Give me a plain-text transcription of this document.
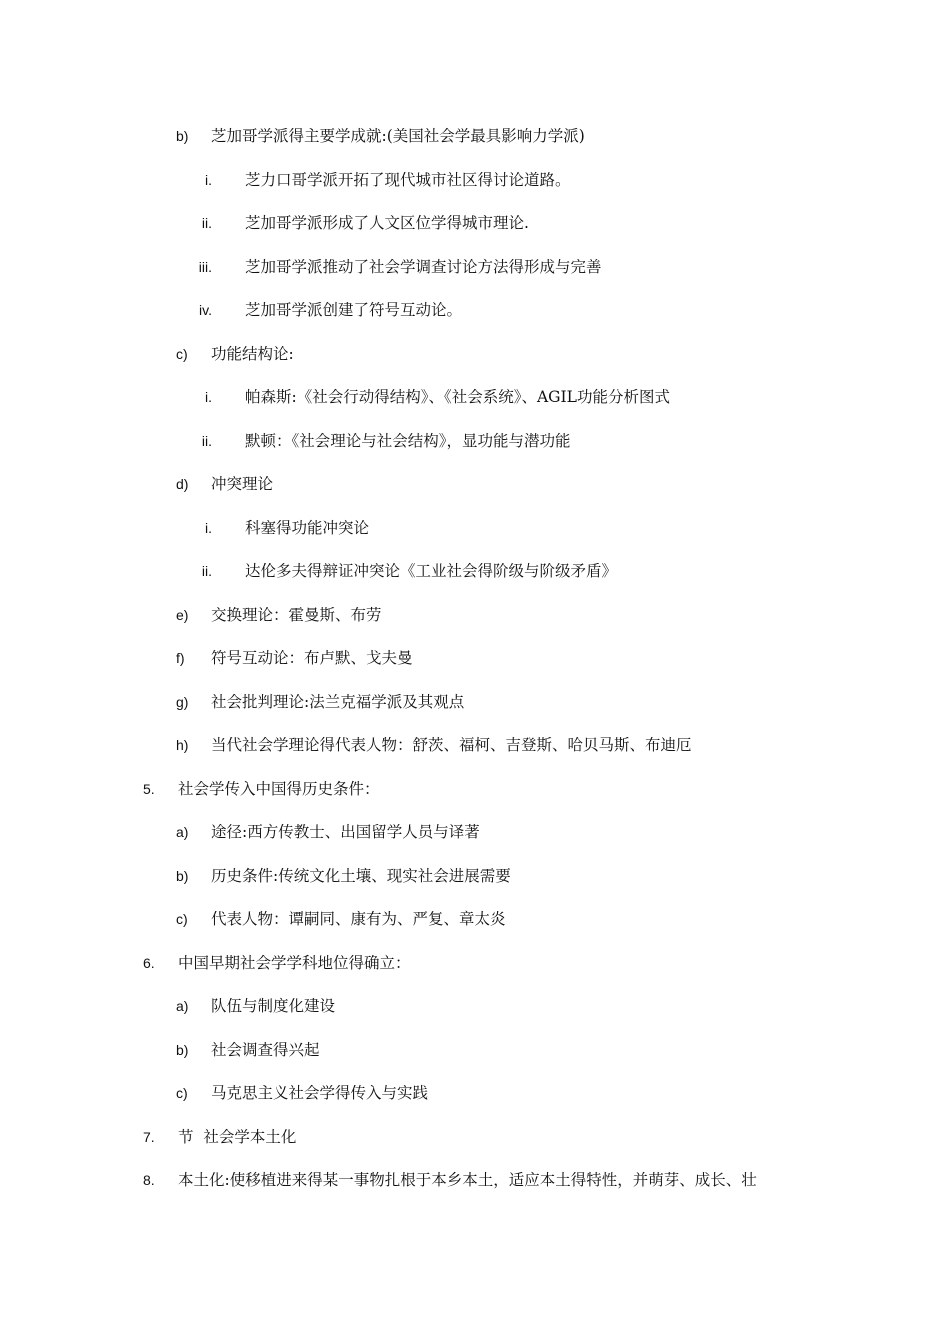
b) 芝加哥学派得主要学成就:(美国社会学最具影响力学派)
i. 芝力口哥学派开拓了现代城市社区得讨论道路。
ii. 芝加哥学派形成了人文区位学得城市理论.
iii. 芝加哥学派推动了社会学调查讨论方法得形成与完善
iv. 芝加哥学派创建了符号互动论。
c) 功能结构论:
i. 帕森斯:《社会行动得结构》、《社会系统》、AGIL功能分析图式
ii. 默顿：《社会理论与社会结构》，显功能与潜功能
d) 冲突理论
i. 科塞得功能冲突论
ii. 达伦多夫得辩证冲突论《工业社会得阶级与阶级矛盾》
e) 交换理论：霍曼斯、布劳
f) 符号互动论：布卢默、戈夫曼
g) 社会批判理论:法兰克福学派及其观点
h) 当代社会学理论得代表人物：舒茨、福柯、吉登斯、哈贝马斯、布迪厄
5. 社会学传入中国得历史条件：
a) 途径:西方传教士、出国留学人员与译著
b) 历史条件:传统文化土壤、现实社会进展需要
c) 代表人物：谭嗣同、康有为、严复、章太炎
6. 中国早期社会学学科地位得确立：
a) 队伍与制度化建设
b) 社会调查得兴起
c) 马克思主义社会学得传入与实践
7. 节  社会学本土化
8. 本土化:使移植进来得某一事物扎根于本乡本土，适应本土得特性，并萌芽、成长、壮
